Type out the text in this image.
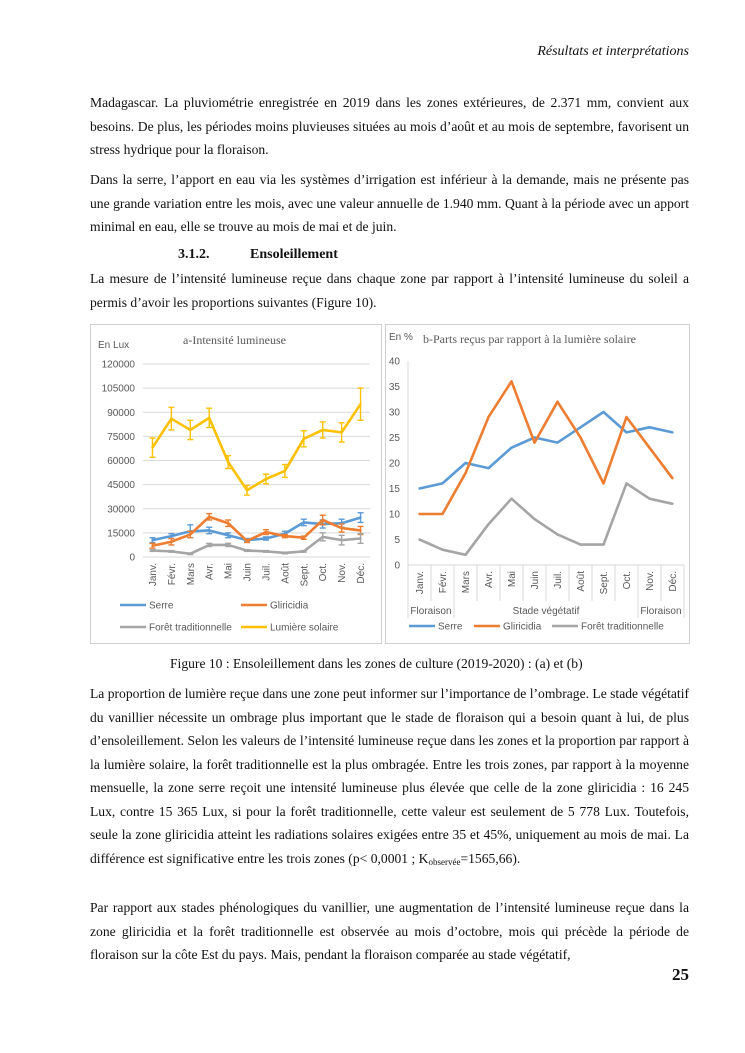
Résultats et interprétations

Madagascar. La pluviométrie enregistrée en 2019 dans les zones extérieures, de 2.371 mm, convient aux besoins. De plus, les périodes moins pluvieuses situées au mois d’août et au mois de septembre, favorisent un stress hydrique pour la floraison.

Dans la serre, l’apport en eau via les systèmes d’irrigation est inférieur à la demande, mais ne présente pas une grande variation entre les mois, avec une valeur annuelle de 1.940 mm. Quant à la période avec un apport minimal en eau, elle se trouve au mois de mai et de juin.

3.1.2.	Ensoleillement

La mesure de l’intensité lumineuse reçue dans chaque zone par rapport à l’intensité lumineuse du soleil a permis d’avoir les proportions suivantes (Figure 10).

En Lux	a-Intensité lumineuse
0
15000
30000
45000
60000
75000
90000
105000
120000
Janv. Févr. Mars Avr. Mai Juin Juil. Août Sept. Oct. Nov. Déc.
Serre	Gliricidia
Forêt traditionnelle	Lumière solaire
En % b-Parts reçus par rapport à la lumière solaire
0
5
10
15
20
25
30
35
40
Janv. Févr. Mars Avr. Mai Juin Juil. Août Sept. Oct. Nov. Déc.
Floraison	Stade végétatif	Floraison
Serre	Gliricidia	Forêt traditionnelle
Figure 10 : Ensoleillement dans les zones de culture (2019-2020) : (a) et (b)

La proportion de lumière reçue dans une zone peut informer sur l’importance de l’ombrage. Le stade végétatif du vanillier nécessite un ombrage plus important que le stade de floraison qui a besoin quant à lui, de plus d’ensoleillement. Selon les valeurs de l’intensité lumineuse reçue dans les zones et la proportion par rapport à la lumière solaire, la forêt traditionnelle est la plus ombragée. Entre les trois zones, par rapport à la moyenne mensuelle, la zone serre reçoit une intensité lumineuse plus élevée que celle de la zone gliricidia : 16 245 Lux, contre 15 365 Lux, si pour la forêt traditionnelle, cette valeur est seulement de 5 778 Lux. Toutefois, seule la zone gliricidia atteint les radiations solaires exigées entre 35 et 45%, uniquement au mois de mai. La différence est significative entre les trois zones (p< 0,0001 ; $K_{observée}=1565,66$).

Par rapport aux stades phénologiques du vanillier, une augmentation de l’intensité lumineuse reçue dans la zone gliricidia et la forêt traditionnelle est observée au mois d’octobre, mois qui précède la période de floraison sur la côte Est du pays. Mais, pendant la floraison comparée au stade végétatif,

25
